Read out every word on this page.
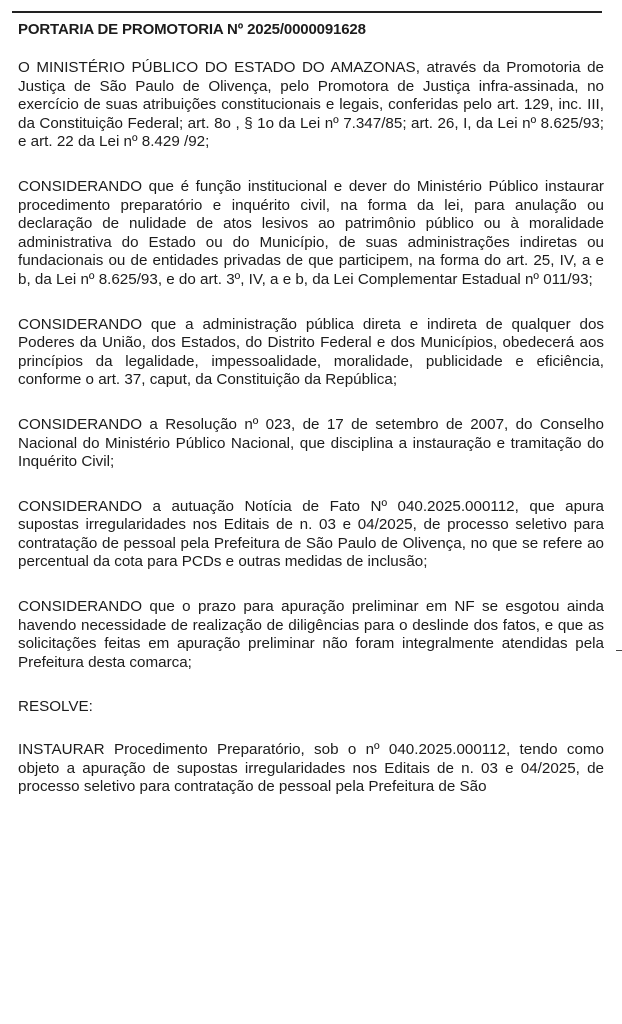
PORTARIA DE PROMOTORIA Nº 2025/0000091628

O MINISTÉRIO PÚBLICO DO ESTADO DO AMAZONAS, através da Promotoria de Justiça de São Paulo de Olivença, pelo Promotora de Justiça infra-assinada, no exercício de suas atribuições constitucionais e legais, conferidas pelo art. 129, inc. III, da Constituição Federal; art. 8o , § 1o da Lei nº 7.347/85; art. 26, I, da Lei nº 8.625/93; e art. 22 da Lei nº 8.429 /92;

CONSIDERANDO que é função institucional e dever do Ministério Público instaurar procedimento preparatório e inquérito civil, na forma da lei, para anulação ou declaração de nulidade de atos lesivos ao patrimônio público ou à moralidade administrativa do Estado ou do Município, de suas administrações indiretas ou fundacionais ou de entidades privadas de que participem, na forma do art. 25, IV, a e b, da Lei nº 8.625/93, e do art. 3º, IV, a e b, da Lei Complementar Estadual nº 011/93;

CONSIDERANDO que a administração pública direta e indireta de qualquer dos Poderes da União, dos Estados, do Distrito Federal e dos Municípios, obedecerá aos princípios da legalidade, impessoalidade, moralidade, publicidade e eficiência, conforme o art. 37, caput, da Constituição da República;

CONSIDERANDO a Resolução nº 023, de 17 de setembro de 2007, do Conselho Nacional do Ministério Público Nacional, que disciplina a instauração e tramitação do Inquérito Civil;

CONSIDERANDO a autuação Notícia de Fato Nº 040.2025.000112, que apura supostas irregularidades nos Editais de n. 03 e 04/2025, de processo seletivo para contratação de pessoal pela Prefeitura de São Paulo de Olivença, no que se refere ao percentual da cota para PCDs e outras medidas de inclusão;

CONSIDERANDO que o prazo para apuração preliminar em NF se esgotou ainda havendo necessidade de realização de diligências para o deslinde dos fatos, e que as solicitações feitas em apuração preliminar não foram integralmente atendidas pela Prefeitura desta comarca;

RESOLVE:

INSTAURAR Procedimento Preparatório, sob o nº 040.2025.000112, tendo como objeto a apuração de supostas irregularidades nos Editais de n. 03 e 04/2025, de processo seletivo para contratação de pessoal pela Prefeitura de São
